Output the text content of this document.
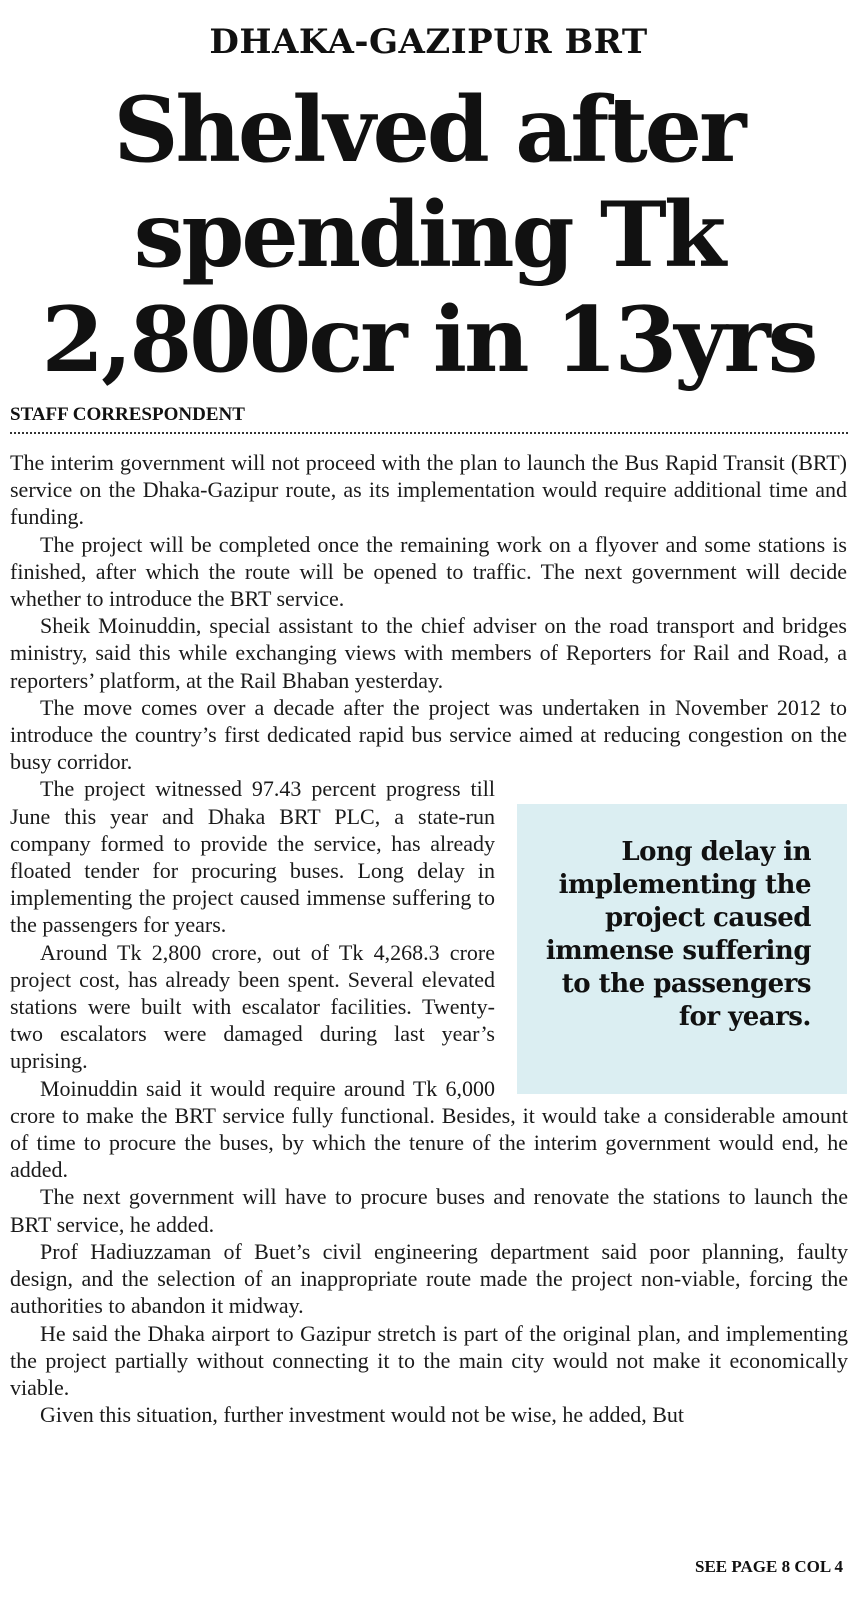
DHAKA-GAZIPUR BRT
Shelved after
spending Tk
2,800cr in 13yrs
STAFF CORRESPONDENT

The interim government will not proceed with the plan to launch the Bus Rapid Transit (BRT) service on the Dhaka-Gazipur route, as its implementation would require additional time and funding.

The project will be completed once the remaining work on a flyover and some stations is finished, after which the route will be opened to traffic. The next government will decide whether to introduce the BRT service.

Sheik Moinuddin, special assistant to the chief adviser on the road transport and bridges ministry, said this while exchanging views with members of Reporters for Rail and Road, a reporters’ platform, at the Rail Bhaban yesterday.

The move comes over a decade after the project was undertaken in November 2012 to introduce the country’s first dedicated rapid bus service aimed at reducing congestion on the busy corridor.

Long delay in implementing the project caused immense suffering to the passengers for years.

The project witnessed 97.43 percent progress till June this year and Dhaka BRT PLC, a state-run company formed to provide the service, has already floated tender for procuring buses. Long delay in implementing the project caused immense suffering to the passengers for years.

Around Tk 2,800 crore, out of Tk 4,268.3 crore project cost, has already been spent. Several elevated stations were built with escalator facilities. Twenty-two escalators were damaged during last year’s uprising.

Moinuddin said it would require around Tk 6,000 crore to make the BRT service fully functional. Besides, it would take a considerable amount of time to procure the buses, by which the tenure of the interim government would end, he added.

The next government will have to procure buses and renovate the stations to launch the BRT service, he added.

Prof Hadiuzzaman of Buet’s civil engineering department said poor planning, faulty design, and the selection of an inappropriate route made the project non-viable, forcing the authorities to abandon it midway.

He said the Dhaka airport to Gazipur stretch is part of the original plan, and implementing the project partially without connecting it to the main city would not make it economically viable.

Given this situation, further investment would not be wise, he added, But

SEE PAGE 8 COL 4
